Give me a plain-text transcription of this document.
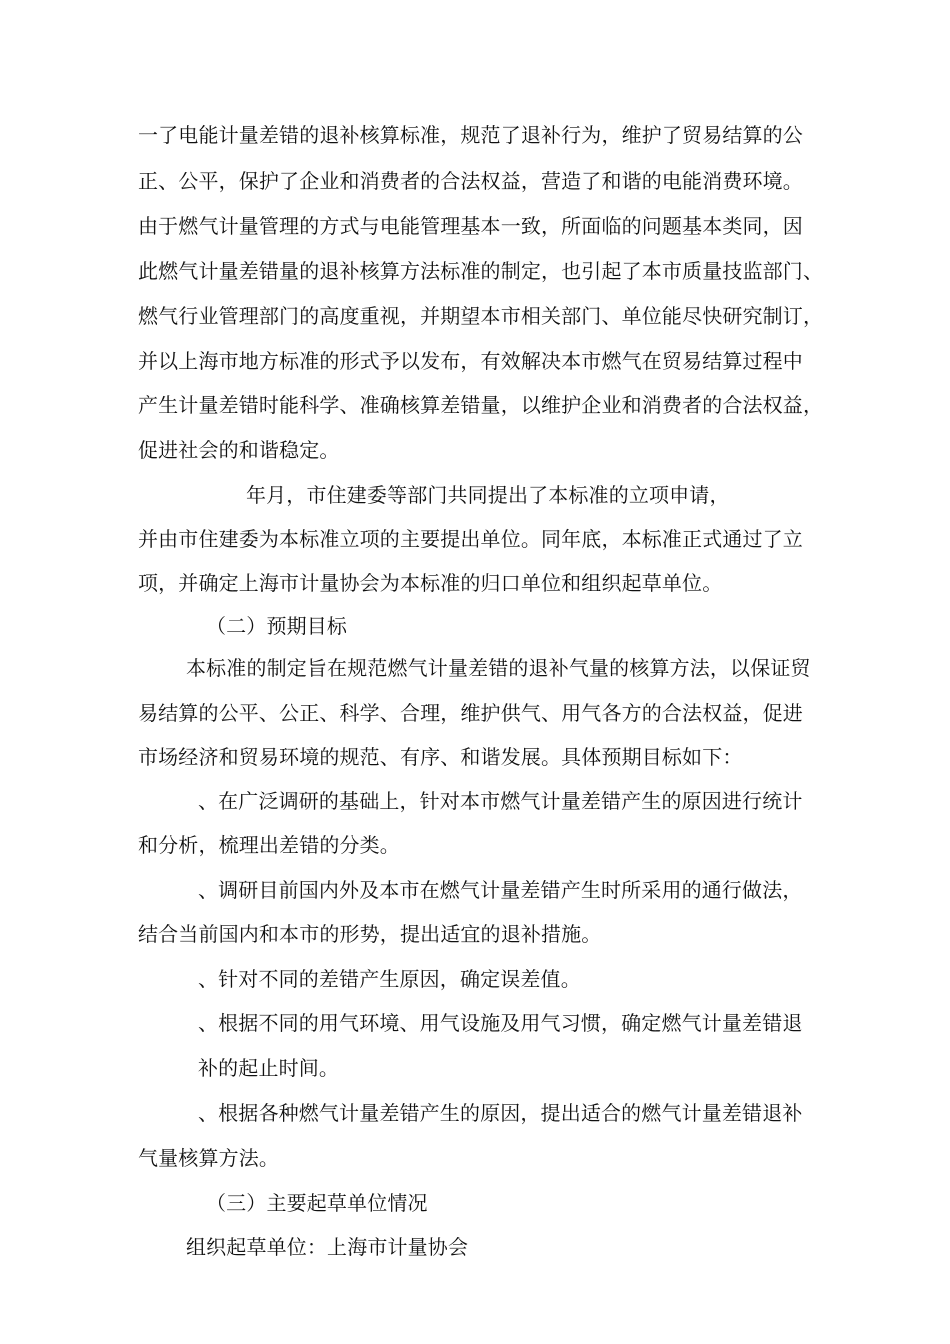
一了电能计量差错的退补核算标准，规范了退补行为，维护了贸易结算的公
正、公平，保护了企业和消费者的合法权益，营造了和谐的电能消费环境。
由于燃气计量管理的方式与电能管理基本一致，所面临的问题基本类同，因
此燃气计量差错量的退补核算方法标准的制定，也引起了本市质量技监部门、
燃气行业管理部门的高度重视，并期望本市相关部门、单位能尽快研究制订，
并以上海市地方标准的形式予以发布，有效解决本市燃气在贸易结算过程中
产生计量差错时能科学、准确核算差错量，以维护企业和消费者的合法权益，
促进社会的和谐稳定。
年月，市住建委等部门共同提出了本标准的立项申请，
并由市住建委为本标准立项的主要提出单位。同年底，本标准正式通过了立
项，并确定上海市计量协会为本标准的归口单位和组织起草单位。
（二）预期目标
本标准的制定旨在规范燃气计量差错的退补气量的核算方法，以保证贸
易结算的公平、公正、科学、合理，维护供气、用气各方的合法权益，促进
市场经济和贸易环境的规范、有序、和谐发展。具体预期目标如下：
、在广泛调研的基础上，针对本市燃气计量差错产生的原因进行统计
和分析，梳理出差错的分类。
、调研目前国内外及本市在燃气计量差错产生时所采用的通行做法，
结合当前国内和本市的形势，提出适宜的退补措施。
、针对不同的差错产生原因，确定误差值。
、根据不同的用气环境、用气设施及用气习惯，确定燃气计量差错退
补的起止时间。
、根据各种燃气计量差错产生的原因，提出适合的燃气计量差错退补
气量核算方法。
（三）主要起草单位情况
组织起草单位：上海市计量协会
